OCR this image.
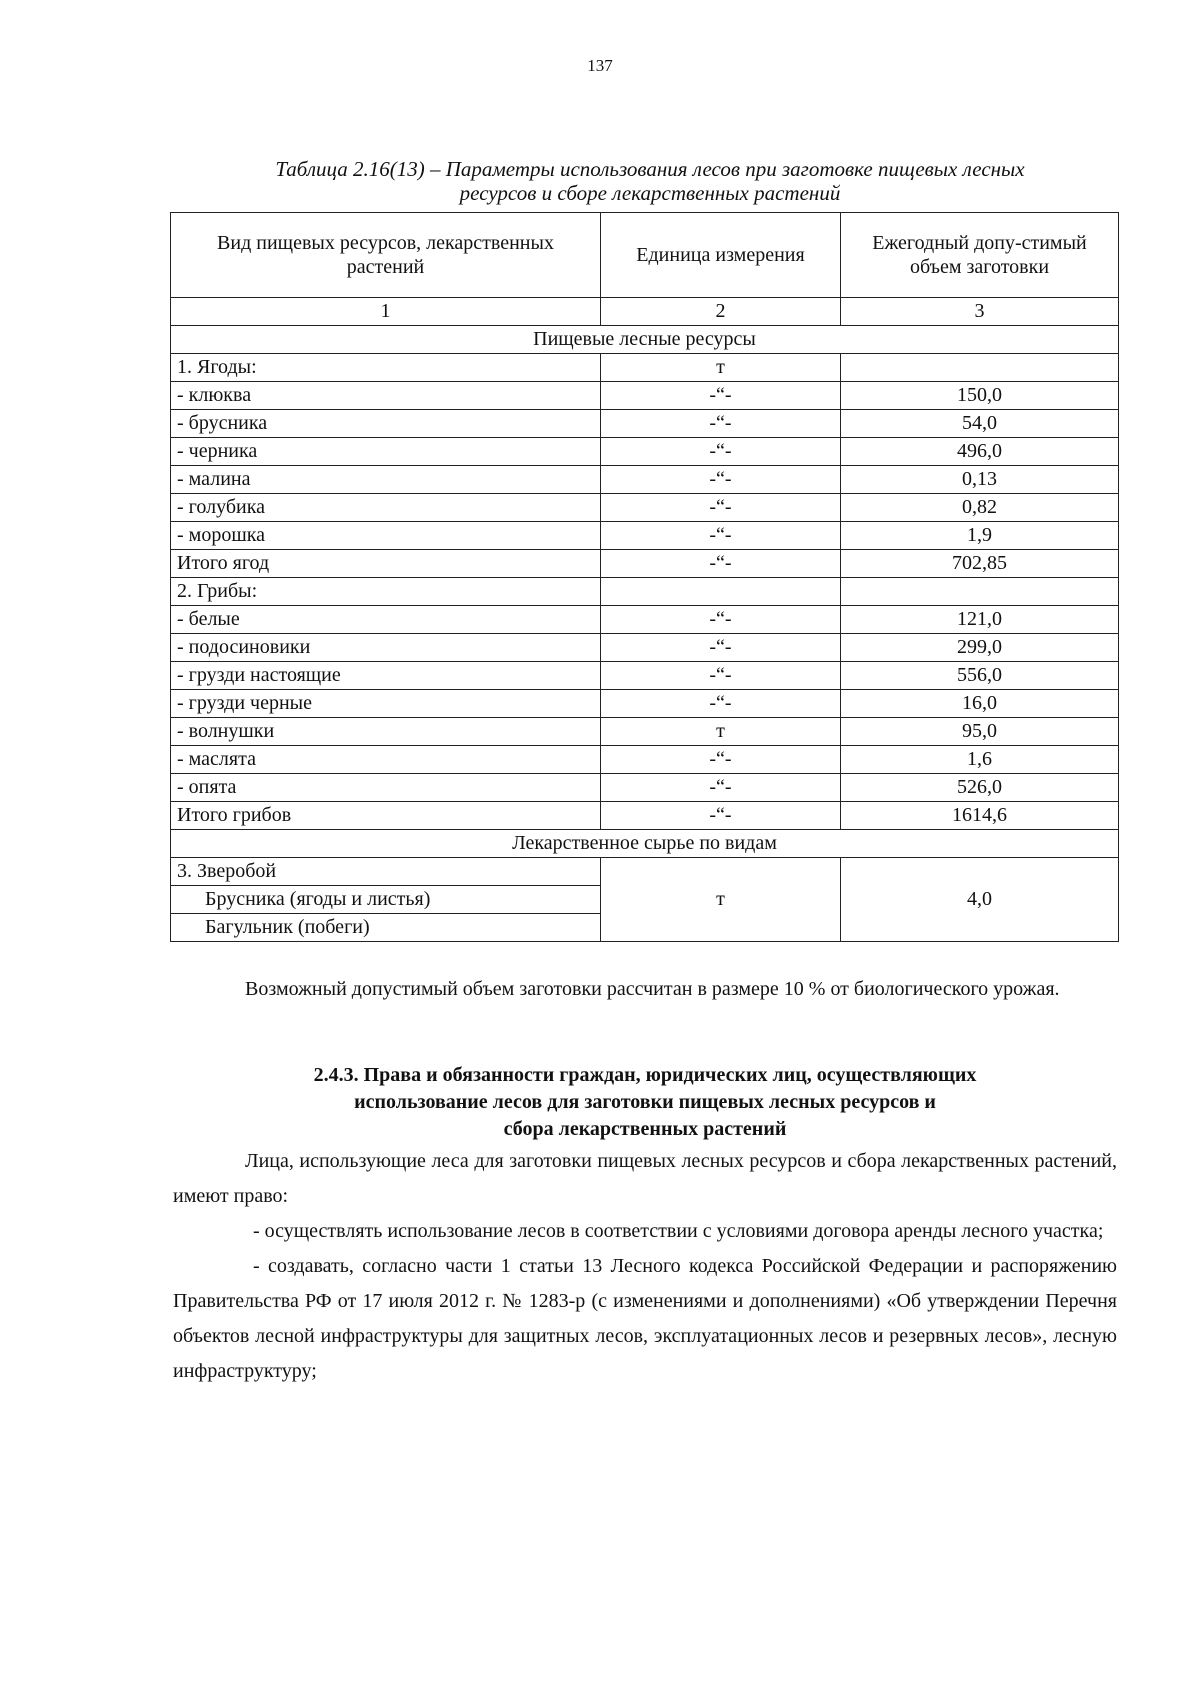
137
Таблица 2.16(13) – Параметры использования лесов при заготовке пищевых лесных
ресурсов и сборе лекарственных растений
Вид пищевых ресурсов, лекарственных растений	Единица измерения	Ежегодный допу-стимый объем заготовки
1	2	3
Пищевые лесные ресурсы		
1. Ягоды:	т	
- клюква	-“-	150,0
- брусника	-“-	54,0
- черника	-“-	496,0
- малина	-“-	0,13
- голубика	-“-	0,82
- морошка	-“-	1,9
Итого ягод	-“-	702,85
2. Грибы:		
- белые	-“-	121,0
- подосиновики	-“-	299,0
- грузди настоящие	-“-	556,0
- грузди черные	-“-	16,0
- волнушки	т	95,0
- маслята	-“-	1,6
- опята	-“-	526,0
Итого грибов	-“-	1614,6
Лекарственное сырье по видам		
3. Зверобой	т	4,0
Брусника (ягоды и листья)		
Багульник (побеги)		

Возможный допустимый объем заготовки рассчитан в размере 10 % от биологического урожая.

2.4.3. Права и обязанности граждан, юридических лиц, осуществляющих
использование лесов для заготовки пищевых лесных ресурсов и
сбора лекарственных растений

Лица, использующие леса для заготовки пищевых лесных ресурсов и сбора лекарственных растений, имеют право:

- осуществлять использование лесов в соответствии с условиями договора аренды лесного участка;

- создавать, согласно части 1 статьи 13 Лесного кодекса Российской Федерации и распоряжению Правительства РФ от 17 июля 2012 г. № 1283-р (с изменениями и дополнениями) «Об утверждении Перечня объектов лесной инфраструктуры для защитных лесов, эксплуатационных лесов и резервных лесов», лесную инфраструктуру;
